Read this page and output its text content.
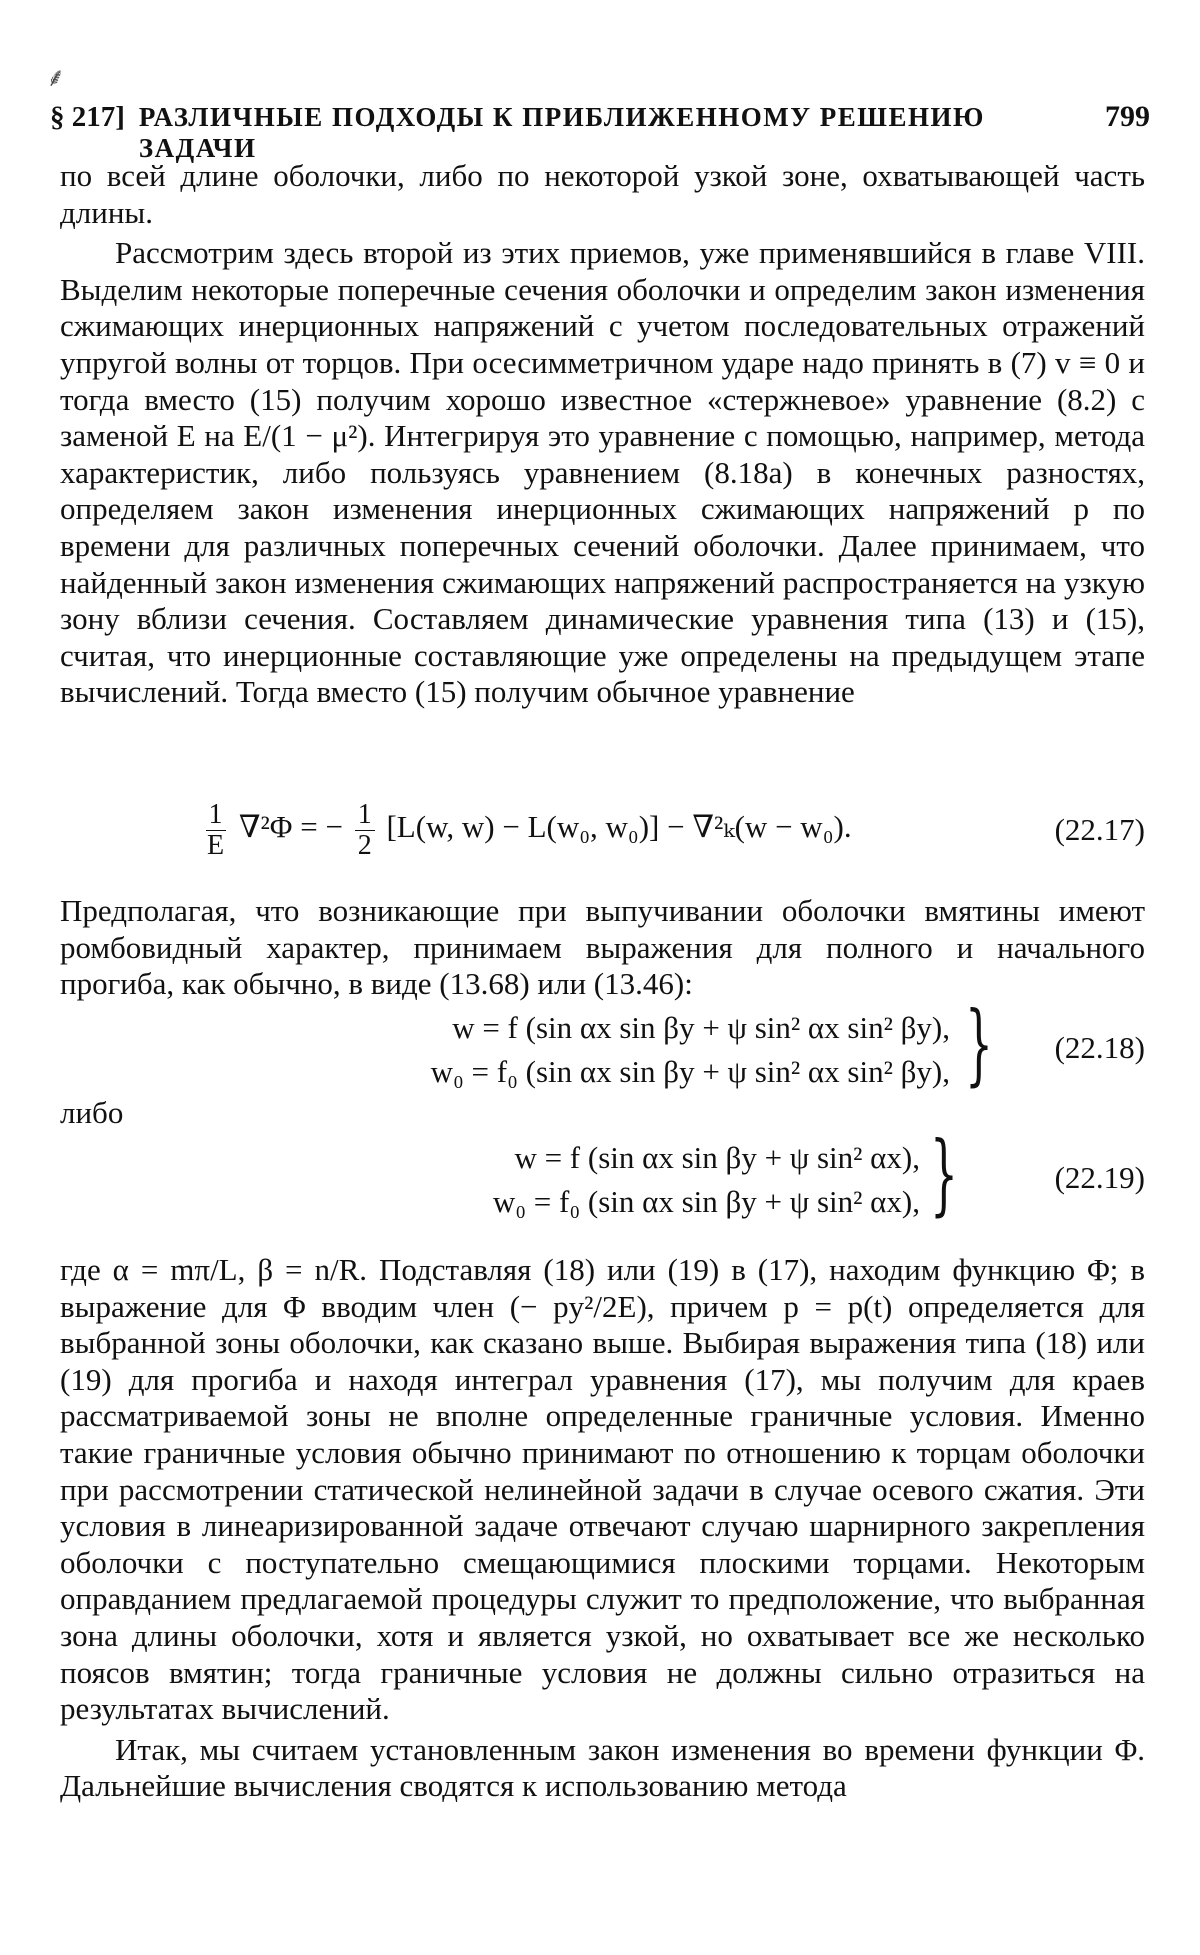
⸙
§ 217] РАЗЛИЧНЫЕ ПОДХОДЫ К ПРИБЛИЖЕННОМУ РЕШЕНИЮ ЗАДАЧИ
799

по всей длине оболочки, либо по некоторой узкой зоне, охватывающей часть длины.

Рассмотрим здесь второй из этих приемов, уже применявшийся в главе VIII. Выделим некоторые поперечные сечения оболочки и определим закон изменения сжимающих инерционных напряжений с учетом последовательных отражений упругой волны от торцов. При осесимметричном ударе надо принять в (7) v ≡ 0 и тогда вместо (15) получим хорошо известное «стержневое» уравнение (8.2) с заменой E на E/(1 − μ²). Интегрируя это уравнение с помощью, например, метода характеристик, либо пользуясь уравнением (8.18a) в конечных разностях, определяем закон изменения инерционных сжимающих напряжений p по времени для различных поперечных сечений оболочки. Далее принимаем, что найденный закон изменения сжимающих напряжений распространяется на узкую зону вблизи сечения. Составляем динамические уравнения типа (13) и (15), считая, что инерционные составляющие уже определены на предыдущем этапе вычислений. Тогда вместо (15) получим обычное уравнение

$\frac{1}{E} \nabla^2\Phi$ = − $\frac{1}{2} [L(w$, w) − L(w₀, w₀)] − ∇²ₖ(w − w₀).	(22.17)

Предполагая, что возникающие при выпучивании оболочки вмятины имеют ромбовидный характер, принимаем выражения для полного и начального прогиба, как обычно, в виде (13.68) или (13.46):

w = f (sin αx sin βy + ψ sin² αx sin² βy),
w₀ = f₀ (sin αx sin βy + ψ sin² αx sin² βy), } (22.18)
либо
w = f (sin αx sin βy + ψ sin² αx),
w₀ = f₀ (sin αx sin βy + ψ sin² αx), }	(22.19)

где α = mπ/L, β = n/R. Подставляя (18) или (19) в (17), находим функцию Φ; в выражение для Φ вводим член (− py²/2E), причем p = p(t) определяется для выбранной зоны оболочки, как сказано выше. Выбирая выражения типа (18) или (19) для прогиба и находя интеграл уравнения (17), мы получим для краев рассматриваемой зоны не вполне определенные граничные условия. Именно такие граничные условия обычно принимают по отношению к торцам оболочки при рассмотрении статической нелинейной задачи в случае осевого сжатия. Эти условия в линеаризированной задаче отвечают случаю шарнирного закрепления оболочки с поступательно смещающимися плоскими торцами. Некоторым оправданием предлагаемой процедуры служит то предположение, что выбранная зона длины оболочки, хотя и является узкой, но охватывает все же несколько поясов вмятин; тогда граничные условия не должны сильно отразиться на результатах вычислений.

Итак, мы считаем установленным закон изменения во времени функции Φ. Дальнейшие вычисления сводятся к использованию метода
